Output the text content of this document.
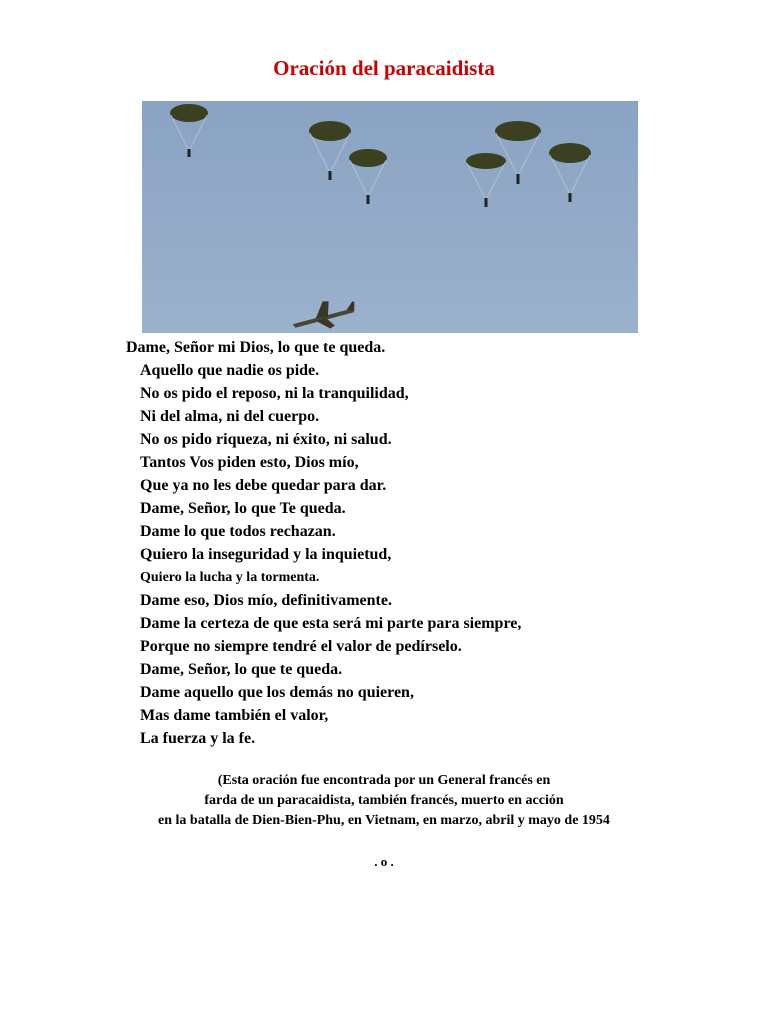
Oración del paracaidista
Dame, Señor mi Dios, lo que te queda.
Aquello que nadie os pide.
No os pido el reposo, ni la tranquilidad,
Ni del alma, ni del cuerpo.
No os pido riqueza, ni éxito, ni salud.
Tantos Vos piden esto, Dios mío,
Que ya no les debe quedar para dar.
Dame, Señor, lo que Te queda.
Dame lo que todos rechazan.
Quiero la inseguridad y la inquietud,
Quiero la lucha y la tormenta.
Dame eso, Dios mío, definitivamente.
Dame la certeza de que esta será mi parte para siempre,
Porque no siempre tendré el valor de pedírselo.
Dame, Señor, lo que te queda.
Dame aquello que los demás no quieren,
Mas dame también el valor,
La fuerza y la fe.
(Esta oración fue encontrada por un General francés en
farda de un paracaidista, también francés, muerto en acción
en la batalla de Dien-Bien-Phu, en Vietnam, en marzo, abril y mayo de 1954
. o .
